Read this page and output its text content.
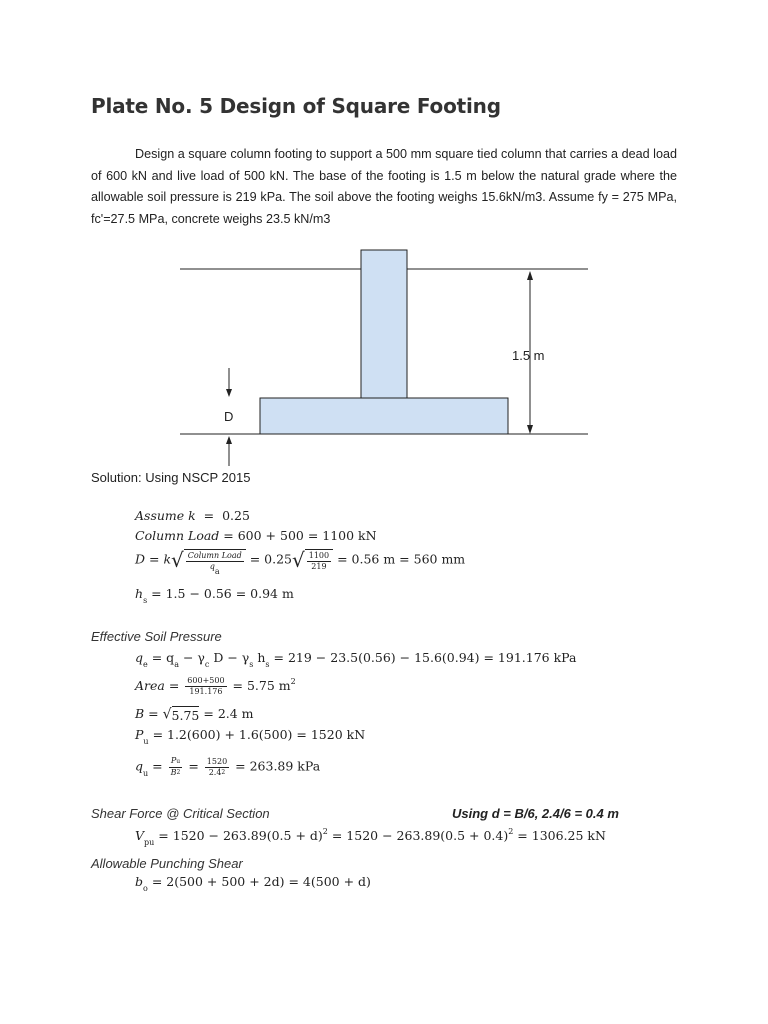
Plate No. 5 Design of Square Footing
Design a square column footing to support a 500 mm square tied column that carries a dead load of 600 kN and live load of 500 kN. The base of the footing is 1.5 m below the natural grade where the allowable soil pressure is 219 kPa. The soil above the footing weighs 15.6kN/m3. Assume fy = 275 MPa, fc'=27.5 MPa, concrete weighs 23.5 kN/m3
1.5 m
D
Solution: Using NSCP 2015
Assume k  =  0.25
Column Load = 600 + 500 = 1100 kN
$D = k√ \frac{\text{Column Load}}{qa} = 0.25√ \frac{1100}{219} = 0.56$ m = 560 mm
$h_s = 1.5 - 0.56 = 0.94$ m
Effective Soil Pressure
$q_e = q_a - \gamma_c$ $D - \gamma_s$ $h_s = 219 - 23.5(0.56) - 15.6(0.94) = 191.176$ kPa
Area = $\frac{600+500}{191.176} = 5.75$ $m^2$
B = √5.75 = 2.4 m
$P_u = 1.2(600) + 1.6(500) = 1520$ kN
$q_u = \frac{Pu}{B^2} = \frac{1520}{2.4^2} = 263.89$ kPa
Shear Force @ Critical Section	Using d = B/6, 2.4/6 = 0.4 m
$V_{pu} = 1520 - 263.89(0.5 + d)^2 = 1520 - 263.89(0.5 + 0.4)^2 = 1306.25$ kN
Allowable Punching Shear
$b_o = 2(500 + 500 + 2d) = 4(500 + d)$
